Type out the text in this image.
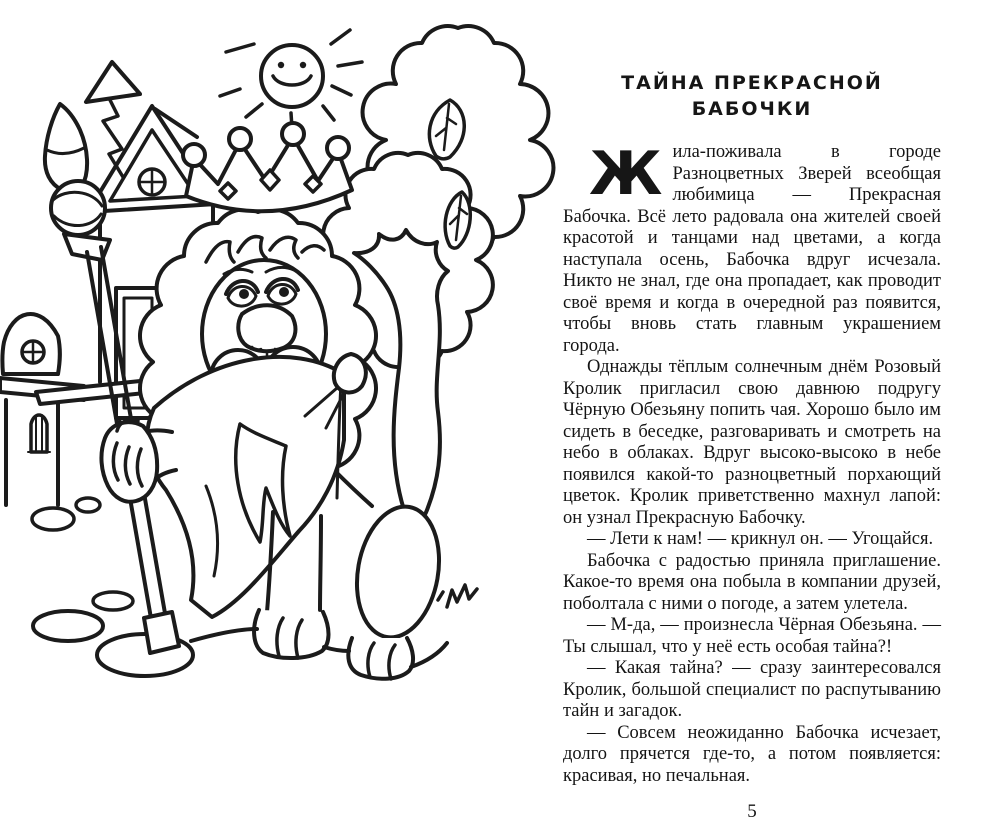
ТАЙНА ПРЕКРАСНОЙ БАБОЧКИ

Жила-поживала в городе Разноцветных Зверей всеобщая любимица — Прекрасная Бабочка. Всё лето радовала она жителей своей красотой и танцами над цветами, а когда наступала осень, Бабочка вдруг исчезала. Никто не знал, где она пропадает, как проводит своё время и когда в очередной раз появится, чтобы вновь стать главным украшением города.

Однажды тёплым солнечным днём Розовый Кролик пригласил свою давнюю подругу Чёрную Обезьяну попить чая. Хорошо было им сидеть в беседке, разговаривать и смотреть на небо в облаках. Вдруг высоко-высоко в небе появился какой-то разноцветный порхающий цветок. Кролик приветственно махнул лапой: он узнал Прекрасную Бабочку.

— Лети к нам! — крикнул он. — Угощайся.

Бабочка с радостью приняла приглашение. Какое-то время она побыла в компании друзей, поболтала с ними о погоде, а затем улетела.

— М-да, — произнесла Чёрная Обезьяна. — Ты слышал, что у неё есть особая тайна?!

— Какая тайна? — сразу заинтересовался Кролик, большой специалист по распутыванию тайн и загадок.

— Совсем неожиданно Бабочка исчезает, долго прячется где-то, а потом появляется: красивая, но печальная.

5
